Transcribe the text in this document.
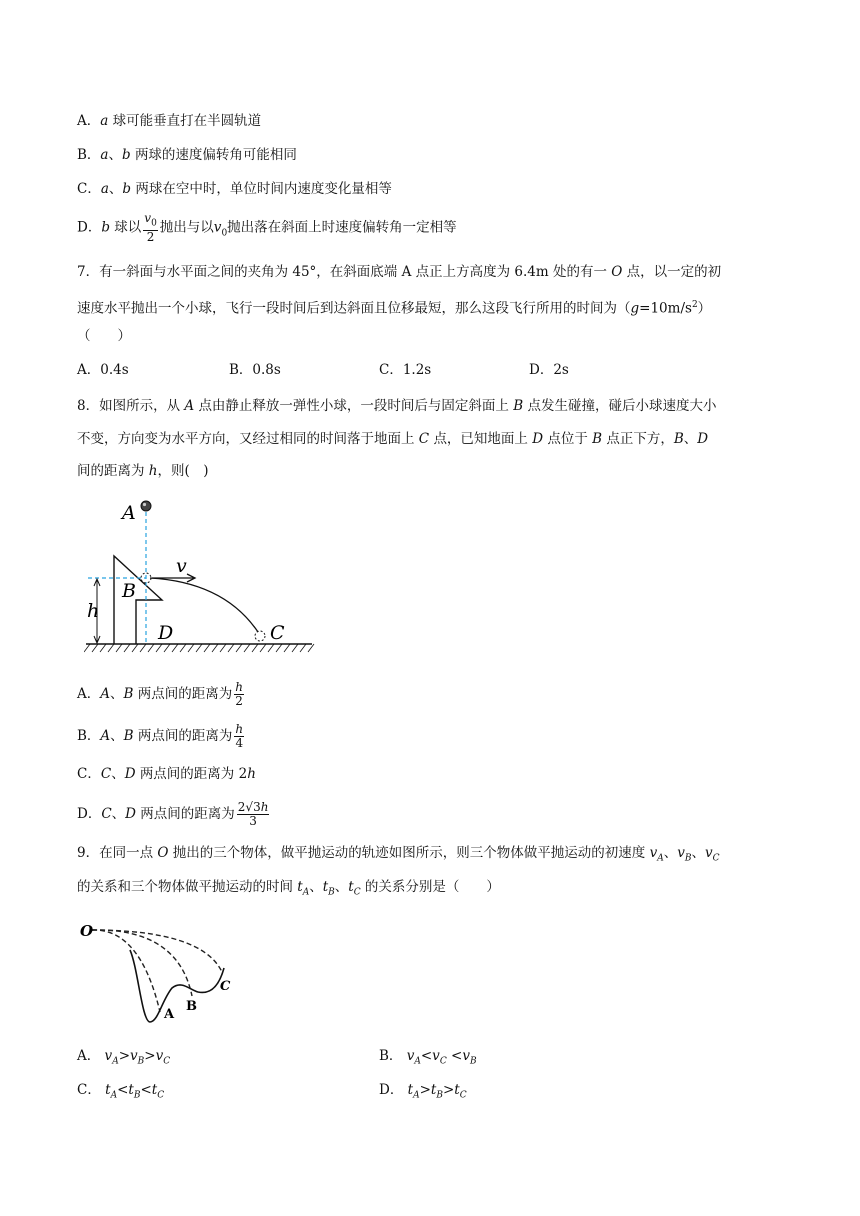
A．a 球可能垂直打在半圆轨道
B．a、b 两球的速度偏转角可能相同
C．a、b 两球在空中时，单位时间内速度变化量相等
D．b 球以 $\frac{v_0}{2}$ 抛出与以$v_0$抛出落在斜面上时速度偏转角一定相等
7．有一斜面与水平面之间的夹角为 45°，在斜面底端 A 点正上方高度为 6.4m 处的有一 O 点，以一定的初
速度水平抛出一个小球，飞行一段时间后到达斜面且位移最短，那么这段飞行所用的时间为$(g=10m/s^2)$
（　　）
A．0.4s	B．0.8s	C．1.2s	D．2s
8．如图所示，从 A 点由静止释放一弹性小球，一段时间后与固定斜面上 B 点发生碰撞，碰后小球速度大小
不变，方向变为水平方向，又经过相同的时间落于地面上 C 点，已知地面上 D 点位于 B 点正下方，B、D
间的距离为 h，则(　)
A
B
D	C
h
v
A．A、B 两点间的距离为 $\frac{h}{2}$
B．A、B 两点间的距离为 $\frac{h}{4}$
C．C、D 两点间的距离为 2h
D．C、D 两点间的距离为 $\frac{2√3h}{3}$
9．在同一点 O 抛出的三个物体，做平抛运动的轨迹如图所示，则三个物体做平抛运动的初速度 $v_A$、$v_B$、$v_C$
的关系和三个物体做平抛运动的时间 $t_A$、$t_B$、$t_C$ 的关系分别是（　　）
O
A
B
C
A． $v_A>v_B>v_C$	B． $v_A<v_C <v_B$
C． $t_A<t_B<t_C$	D． $t_A>t_B>t_C$
